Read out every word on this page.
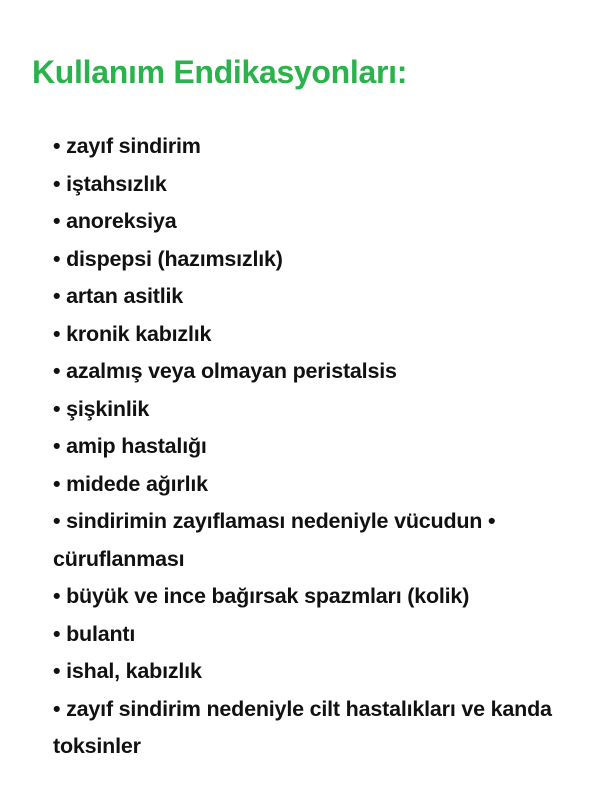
Kullanım Endikasyonları:
• zayıf sindirim
• iştahsızlık
• anoreksiya
• dispepsi (hazımsızlık)
• artan asitlik
• kronik kabızlık
• azalmış veya olmayan peristalsis
• şişkinlik
• amip hastalığı
• midede ağırlık
• sindirimin zayıflaması nedeniyle vücudun • cüruflanması
• büyük ve ince bağırsak spazmları (kolik)
• bulantı
• ishal, kabızlık
• zayıf sindirim nedeniyle cilt hastalıkları ve kanda toksinler
